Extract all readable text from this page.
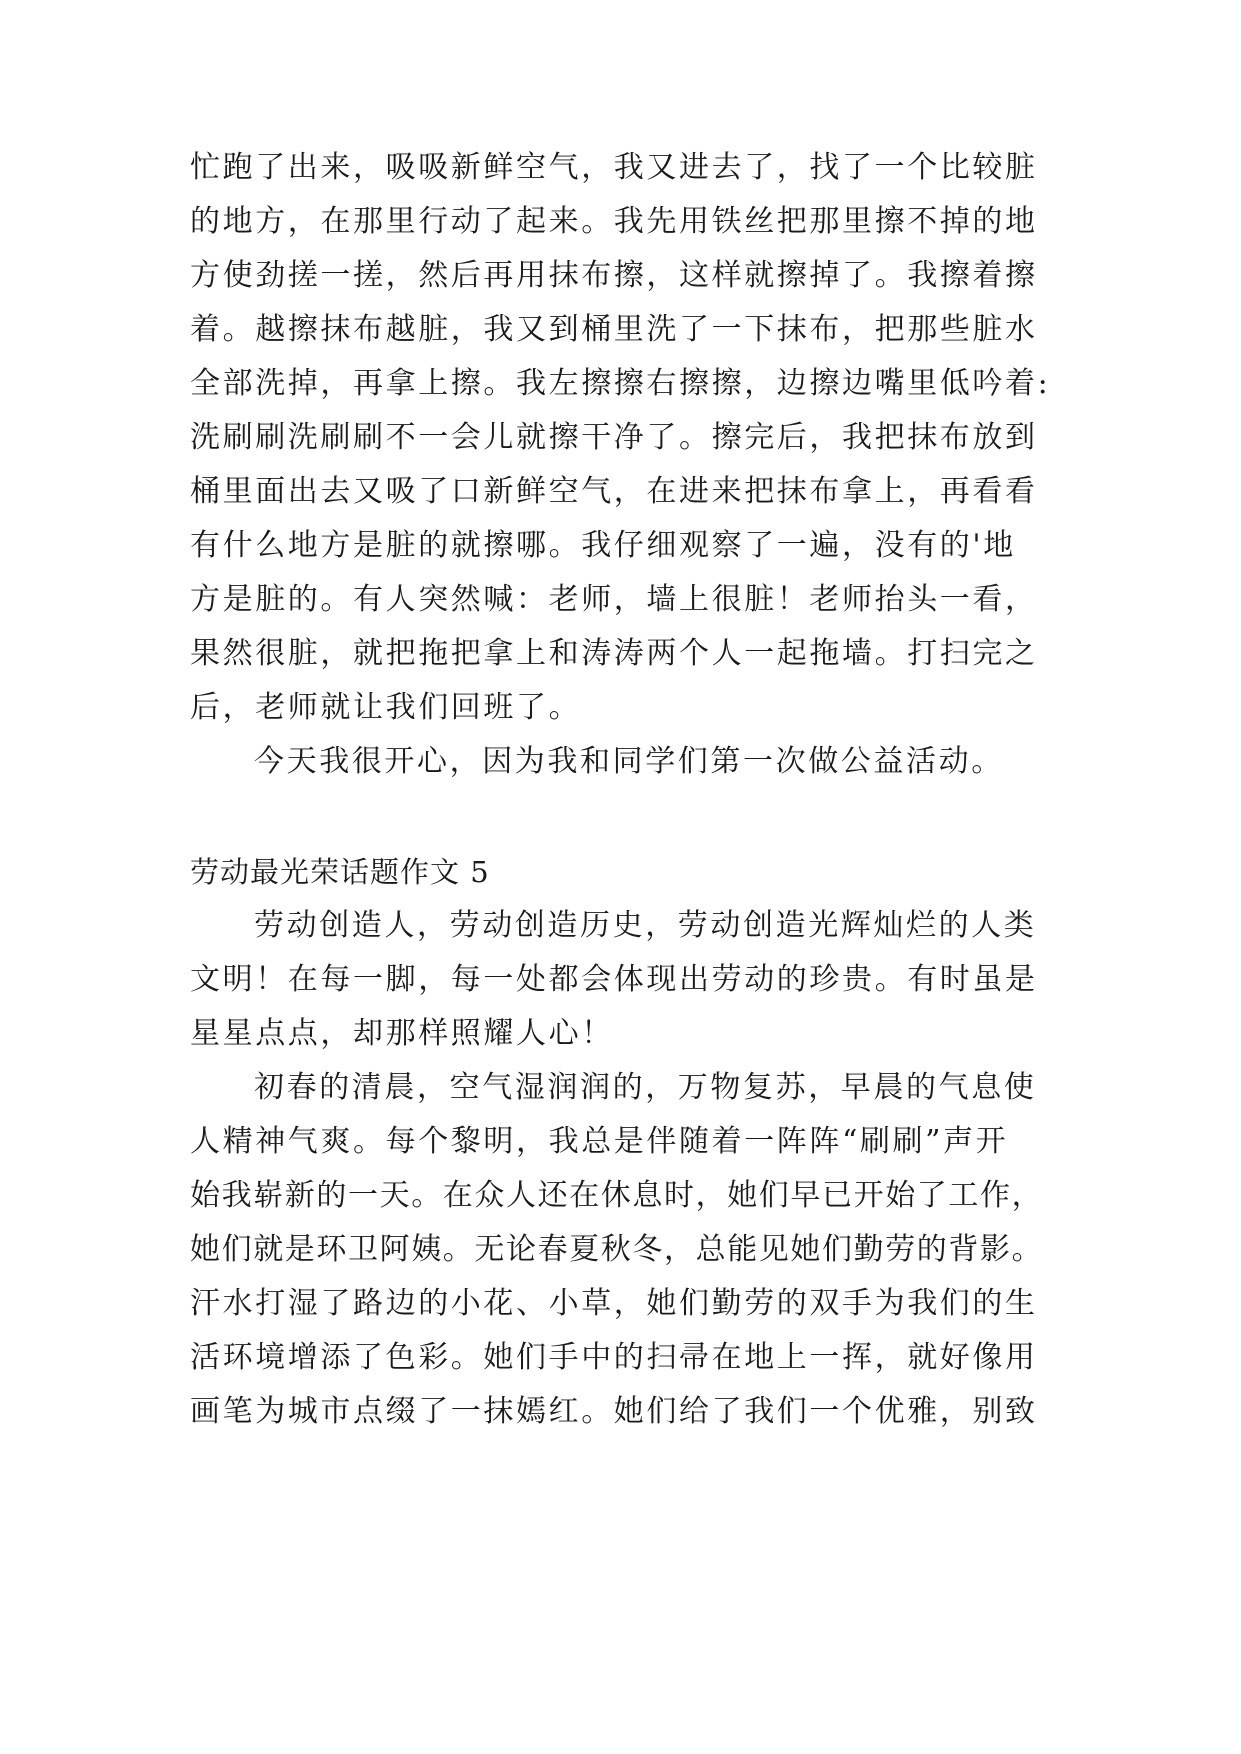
忙跑了出来，吸吸新鲜空气，我又进去了，找了一个比较脏
的地方，在那里行动了起来。我先用铁丝把那里擦不掉的地
方使劲搓一搓，然后再用抹布擦，这样就擦掉了。我擦着擦
着。越擦抹布越脏，我又到桶里洗了一下抹布，把那些脏水
全部洗掉，再拿上擦。我左擦擦右擦擦，边擦边嘴里低吟着:
洗刷刷洗刷刷不一会儿就擦干净了。擦完后，我把抹布放到
桶里面出去又吸了口新鲜空气，在进来把抹布拿上，再看看
有什么地方是脏的就擦哪。我仔细观察了一遍，没有的'地
方是脏的。有人突然喊：老师，墙上很脏！老师抬头一看，
果然很脏，就把拖把拿上和涛涛两个人一起拖墙。打扫完之
后，老师就让我们回班了。
今天我很开心，因为我和同学们第一次做公益活动。
劳动最光荣话题作文 5
劳动创造人，劳动创造历史，劳动创造光辉灿烂的人类
文明！在每一脚，每一处都会体现出劳动的珍贵。有时虽是
星星点点，却那样照耀人心！
初春的清晨，空气湿润润的，万物复苏，早晨的气息使
人精神气爽。每个黎明，我总是伴随着一阵阵“刷刷”声开
始我崭新的一天。在众人还在休息时，她们早已开始了工作，
她们就是环卫阿姨。无论春夏秋冬，总能见她们勤劳的背影。
汗水打湿了路边的小花、小草，她们勤劳的双手为我们的生
活环境增添了色彩。她们手中的扫帚在地上一挥，就好像用
画笔为城市点缀了一抹嫣红。她们给了我们一个优雅，别致
